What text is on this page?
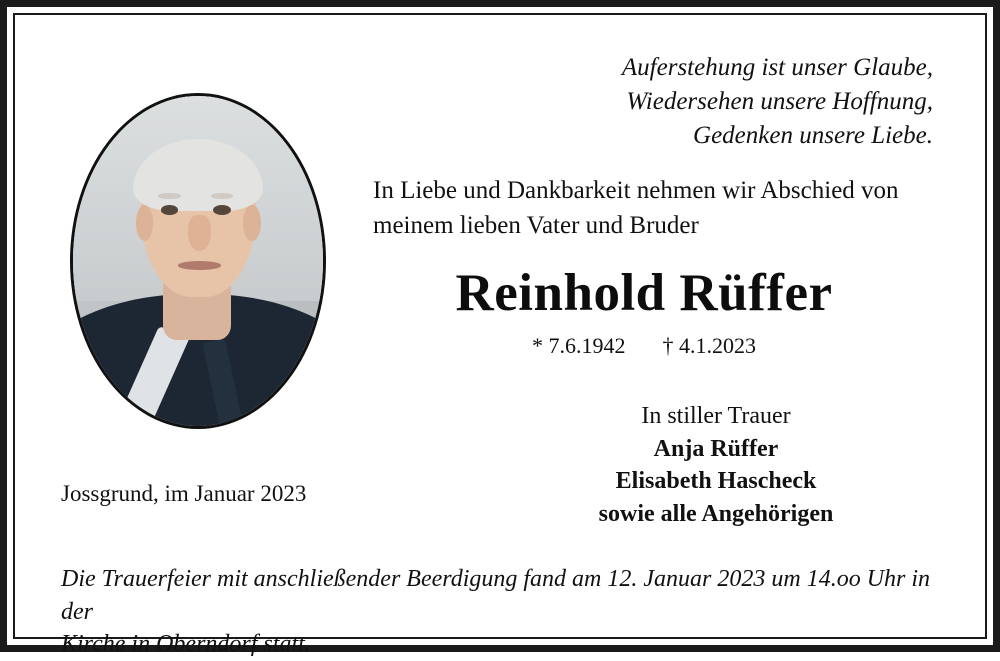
Auferstehung ist unser Glaube,
Wiedersehen unsere Hoffnung,
Gedenken unsere Liebe.
In Liebe und Dankbarkeit nehmen wir Abschied von
meinem lieben Vater und Bruder
Reinhold Rüffer
* 7.6.1942 † 4.1.2023
In stiller Trauer
Anja Rüffer
Elisabeth Hascheck
sowie alle Angehörigen
Jossgrund, im Januar 2023
Die Trauerfeier mit anschließender Beerdigung fand am 12. Januar 2023 um 14.oo Uhr in der
Kirche in Oberndorf statt.
